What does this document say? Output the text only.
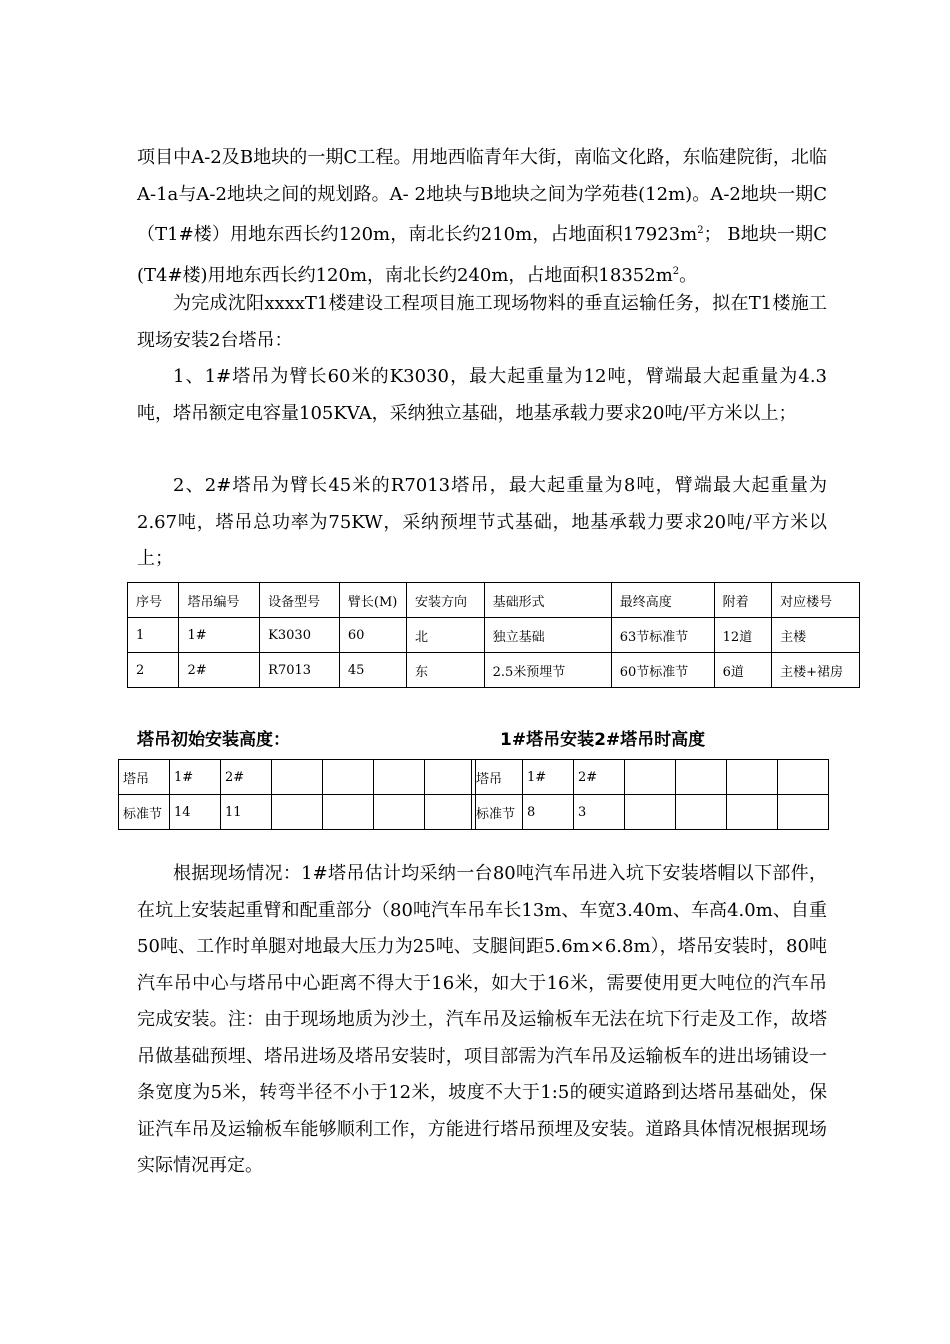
项目中A-2及B地块的一期C工程。用地西临青年大街，南临文化路，东临建院街，北临A-1a与A-2地块之间的规划路。A- 2地块与B地块之间为学苑巷(12m)。A-2地块一期C（T1#楼）用地东西长约120m，南北长约210m，占地面积$17923m^2$； B地块一期C (T4#楼)用地东西长约120m，南北长约240m，占地面积$18352m^2$。

为完成沈阳xxxxT1楼建设工程项目施工现场物料的垂直运输任务，拟在T1楼施工现场安装2台塔吊：

1、1#塔吊为臂长60米的K3030，最大起重量为12吨，臂端最大起重量为4.3吨，塔吊额定电容量105KVA，采纳独立基础，地基承载力要求20吨/平方米以上；

2、2#塔吊为臂长45米的R7013塔吊，最大起重量为8吨，臂端最大起重量为2.67吨，塔吊总功率为75KW，采纳预埋节式基础，地基承载力要求20吨/平方米以上；

序号	塔吊编号	设备型号	臂长(M)	安装方向	基础形式	最终高度	附着	对应楼号
1	1#	K3030	60	北	独立基础	63节标准节	12道	主楼
2	2#	R7013	45	东	2.5米预埋节	60节标准节	6道	主楼+裙房
塔吊初始安装高度：	1#塔吊安装2#塔吊时高度
塔吊	1#	2#				
标准节	14	11				
塔吊	1#	2#				
标准节	8	3				

根据现场情况：1#塔吊估计均采纳一台80吨汽车吊进入坑下安装塔帽以下部件，在坑上安装起重臂和配重部分（80吨汽车吊车长13m、车宽3.40m、车高4.0m、自重50吨、工作时单腿对地最大压力为25吨、支腿间距5.6m×6.8m），塔吊安装时，80吨汽车吊中心与塔吊中心距离不得大于16米，如大于16米，需要使用更大吨位的汽车吊完成安装。注：由于现场地质为沙土，汽车吊及运输板车无法在坑下行走及工作，故塔吊做基础预埋、塔吊进场及塔吊安装时，项目部需为汽车吊及运输板车的进出场铺设一条宽度为5米，转弯半径不小于12米，坡度不大于1:5的硬实道路到达塔吊基础处，保证汽车吊及运输板车能够顺利工作，方能进行塔吊预埋及安装。道路具体情况根据现场实际情况再定。
